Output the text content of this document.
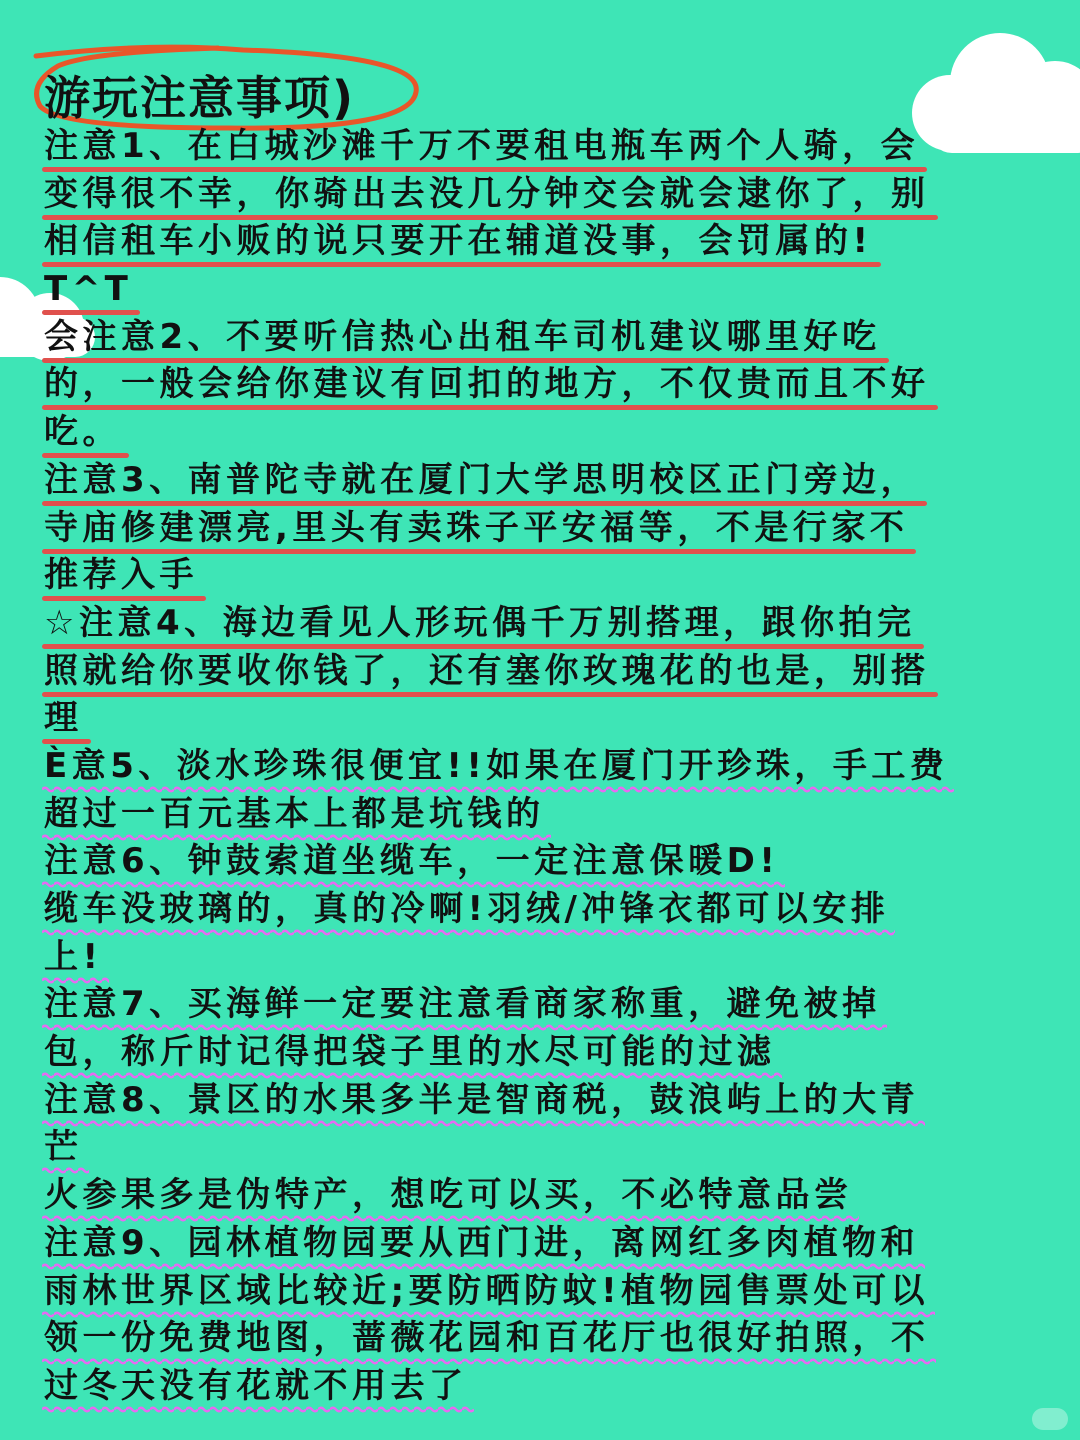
游玩注意事项)
注意1、在白城沙滩千万不要租电瓶车两个人骑，会
变得很不幸，你骑出去没几分钟交会就会逮你了，别
相信租车小贩的说只要开在辅道没事，会罚属的!
T^T
会注意2、不要听信热心出租车司机建议哪里好吃
的，一般会给你建议有回扣的地方，不仅贵而且不好
吃。
注意3、南普陀寺就在厦门大学思明校区正门旁边，
寺庙修建漂亮,里头有卖珠子平安福等，不是行家不
推荐入手
☆注意4、海边看见人形玩偶千万别搭理，跟你拍完
照就给你要收你钱了，还有塞你玫瑰花的也是，别搭
理
È意5、淡水珍珠很便宜!!如果在厦门开珍珠，手工费
超过一百元基本上都是坑钱的
注意6、钟鼓索道坐缆车，一定注意保暖D!
缆车没玻璃的，真的冷啊!羽绒/冲锋衣都可以安排
上!
注意7、买海鲜一定要注意看商家称重，避免被掉
包，称斤时记得把袋子里的水尽可能的过滤
注意8、景区的水果多半是智商税，鼓浪屿上的大青
芒
火参果多是伪特产，想吃可以买，不必特意品尝
注意9、园林植物园要从西门进，离网红多肉植物和
雨林世界区域比较近;要防晒防蚊!植物园售票处可以
领一份免费地图，蔷薇花园和百花厅也很好拍照，不
过冬天没有花就不用去了
